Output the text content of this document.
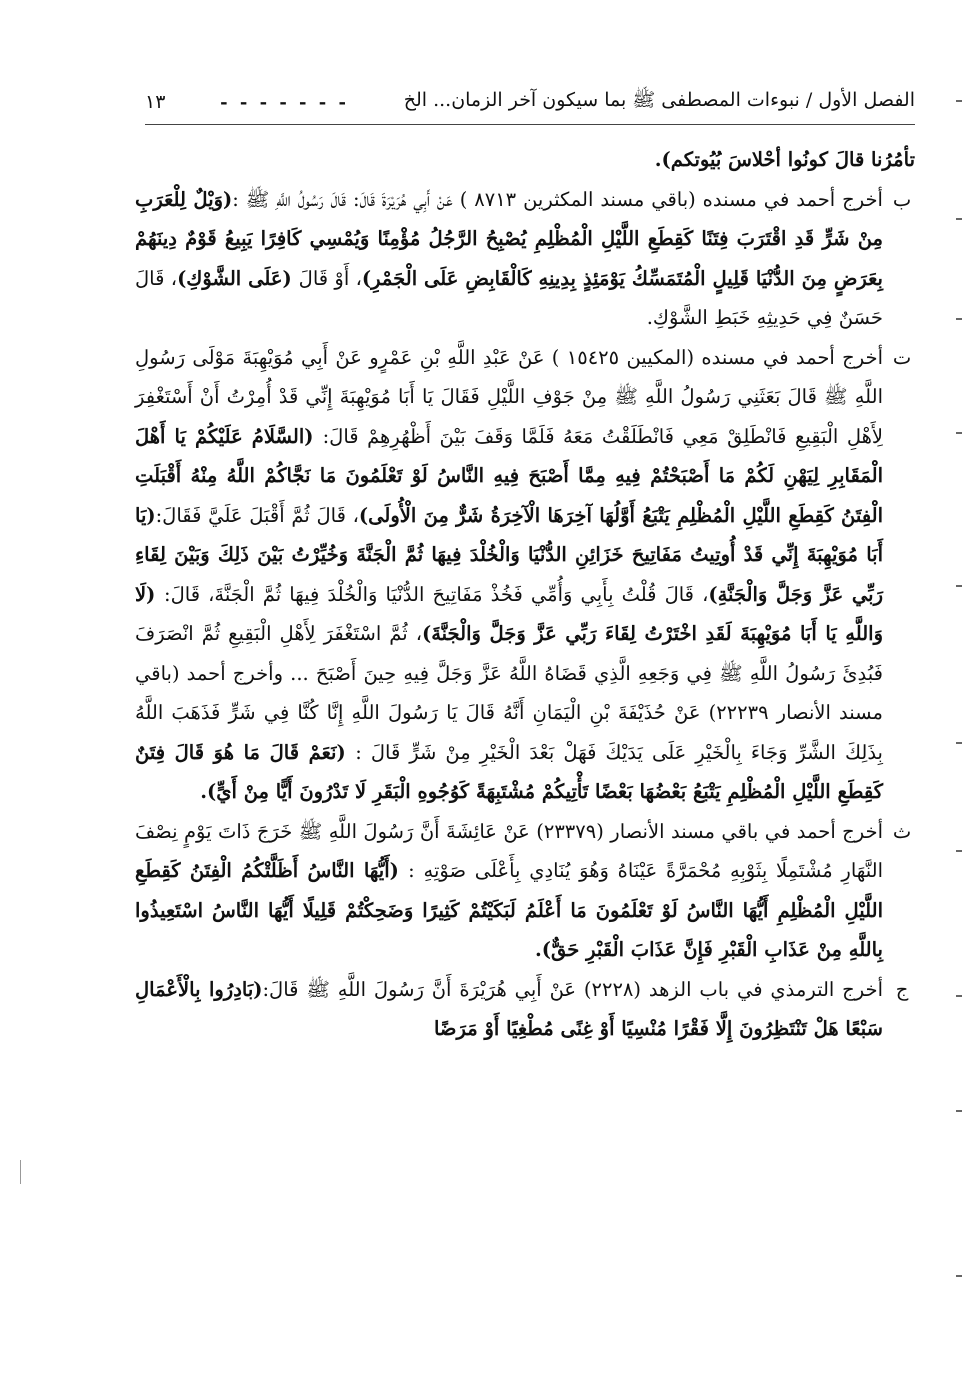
الفصل الأول / نبوءات المصطفى ﷺ بما سيكون آخر الزمان... الخ
- - - - - - -
١٣

تأمُرُنا قالَ كونُوا أحْلاسَ بُيُوتكم).

ب
أخرج أحمد في مسنده (باقي مسند المكثرين ٨٧١٣ ) عَنْ أَبِي هُرَيْرَةَ قَالَ: قَالَ رَسُولُ اللَّهِ ﷺ :(وَيْلٌ لِلْعَرَبِ مِنْ شَرٍّ قَدِ اقْتَرَبَ فِتَنًا كَقِطَعِ اللَّيْلِ الْمُظْلِمِ يُصْبِحُ الرَّجُلُ مُؤْمِنًا وَيُمْسِي كَافِرًا يَبِيعُ قَوْمٌ دِينَهُمْ بِعَرَضٍ مِنَ الدُّنْيَا قَلِيلٍ الْمُتَمَسِّكُ يَوْمَئِذٍ بِدِينِهِ كَالْقَابِضِ عَلَى الْجَمْرِ)، أَوْ قَالَ (عَلَى الشَّوْكِ)، قَالَ حَسَنٌ فِي حَدِيثِهِ خَبَطِ الشَّوْكِ.

ت
أخرج أحمد في مسنده (المكيين ١٥٤٢٥ ) عَنْ عَبْدِ اللَّهِ بْنِ عَمْرٍو عَنْ أَبِي مُوَيْهِبَةَ مَوْلَى رَسُولِ اللَّهِ ﷺ قَالَ بَعَثَنِي رَسُولُ اللَّهِ ﷺ مِنْ جَوْفِ اللَّيْلِ فَقَالَ يَا أَبَا مُوَيْهِبَةَ إِنِّي قَدْ أُمِرْتُ أَنْ أَسْتَغْفِرَ لِأَهْلِ الْبَقِيعِ فَانْطَلِقْ مَعِي فَانْطَلَقْتُ مَعَهُ فَلَمَّا وَقَفَ بَيْنَ أَظْهُرِهِمْ قَالَ: (السَّلَامُ عَلَيْكُمْ يَا أَهْلَ الْمَقَابِرِ لِيَهْنِ لَكُمْ مَا أَصْبَحْتُمْ فِيهِ مِمَّا أَصْبَحَ فِيهِ النَّاسُ لَوْ تَعْلَمُونَ مَا نَجَّاكُمْ اللَّهُ مِنْهُ أَقْبَلَتِ الْفِتَنُ كَقِطَعِ اللَّيْلِ الْمُظْلِمِ يَتْبَعُ أَوَّلُهَا آخِرَهَا الْآخِرَةُ شَرٌّ مِنَ الْأُولَى)، قَالَ ثُمَّ أَقْبَلَ عَلَيَّ فَقَالَ:(يَا أَبَا مُوَيْهِبَةَ إِنِّي قَدْ أُوتِيتُ مَفَاتِيحَ خَزَائِنِ الدُّنْيَا وَالْخُلْدَ فِيهَا ثُمَّ الْجَنَّةَ وَخُيِّرْتُ بَيْنَ ذَلِكَ وَبَيْنَ لِقَاءِ رَبِّي عَزَّ وَجَلَّ وَالْجَنَّةِ)، قَالَ قُلْتُ بِأَبِي وَأُمِّي فَخُذْ مَفَاتِيحَ الدُّنْيَا وَالْخُلْدَ فِيهَا ثُمَّ الْجَنَّةَ، قَالَ: (لَا وَاللَّهِ يَا أَبَا مُوَيْهِبَةَ لَقَدِ اخْتَرْتُ لِقَاءَ رَبِّي عَزَّ وَجَلَّ وَالْجَنَّةَ)، ثُمَّ اسْتَغْفَرَ لِأَهْلِ الْبَقِيعِ ثُمَّ انْصَرَفَ فَبُدِئَ رَسُولُ اللَّهِ ﷺ فِي وَجَعِهِ الَّذِي قَضَاهُ اللَّهُ عَزَّ وَجَلَّ فِيهِ حِينَ أَصْبَحَ ... وأخرج أحمد (باقي مسند الأنصار ٢٢٢٣٩) عَنْ حُذَيْفَةَ بْنِ الْيَمَانِ أَنَّهُ قَالَ يَا رَسُولَ اللَّهِ إِنَّا كُنَّا فِي شَرٍّ فَذَهَبَ اللَّهُ بِذَلِكَ الشَّرِّ وَجَاءَ بِالْخَيْرِ عَلَى يَدَيْكَ فَهَلْ بَعْدَ الْخَيْرِ مِنْ شَرٍّ قَالَ : (نَعَمْ قَالَ مَا هُوَ قَالَ فِتَنٌ كَقِطَعِ اللَّيْلِ الْمُظْلِمِ يَتْبَعُ بَعْضُهَا بَعْضًا تَأْتِيكُمْ مُشْتَبِهَةً كَوُجُوهِ الْبَقَرِ لَا تَدْرُونَ أَيًّا مِنْ أَيٍّ).

ث
أخرج أحمد في باقي مسند الأنصار (٢٣٣٧٩) عَنْ عَائِشَةَ أَنَّ رَسُولَ اللَّهِ ﷺ خَرَجَ ذَاتَ يَوْمٍ نِصْفَ النَّهَارِ مُشْتَمِلًا بِثَوْبِهِ مُحْمَرَّةً عَيْنَاهُ وَهُوَ يُنَادِي بِأَعْلَى صَوْتِهِ : (أَيُّهَا النَّاسُ أَظَلَّتْكُمُ الْفِتَنُ كَقِطَعِ اللَّيْلِ الْمُظْلِمِ أَيُّهَا النَّاسُ لَوْ تَعْلَمُونَ مَا أَعْلَمُ لَبَكَيْتُمْ كَثِيرًا وَضَحِكْتُمْ قَلِيلًا أَيُّهَا النَّاسُ اسْتَعِيذُوا بِاللَّهِ مِنْ عَذَابِ الْقَبْرِ فَإِنَّ عَذَابَ الْقَبْرِ حَقٌّ).

ج
أخرج الترمذي في باب الزهد (٢٢٢٨) عَنْ أَبِي هُرَيْرَةَ أَنَّ رَسُولَ اللَّهِ ﷺ قَالَ:(بَادِرُوا بِالْأَعْمَالِ سَبْعًا هَلْ تَنْتَظِرُونَ إِلَّا فَقْرًا مُنْسِيًا أَوْ غِنًى مُطْغِيًا أَوْ مَرَضًا
